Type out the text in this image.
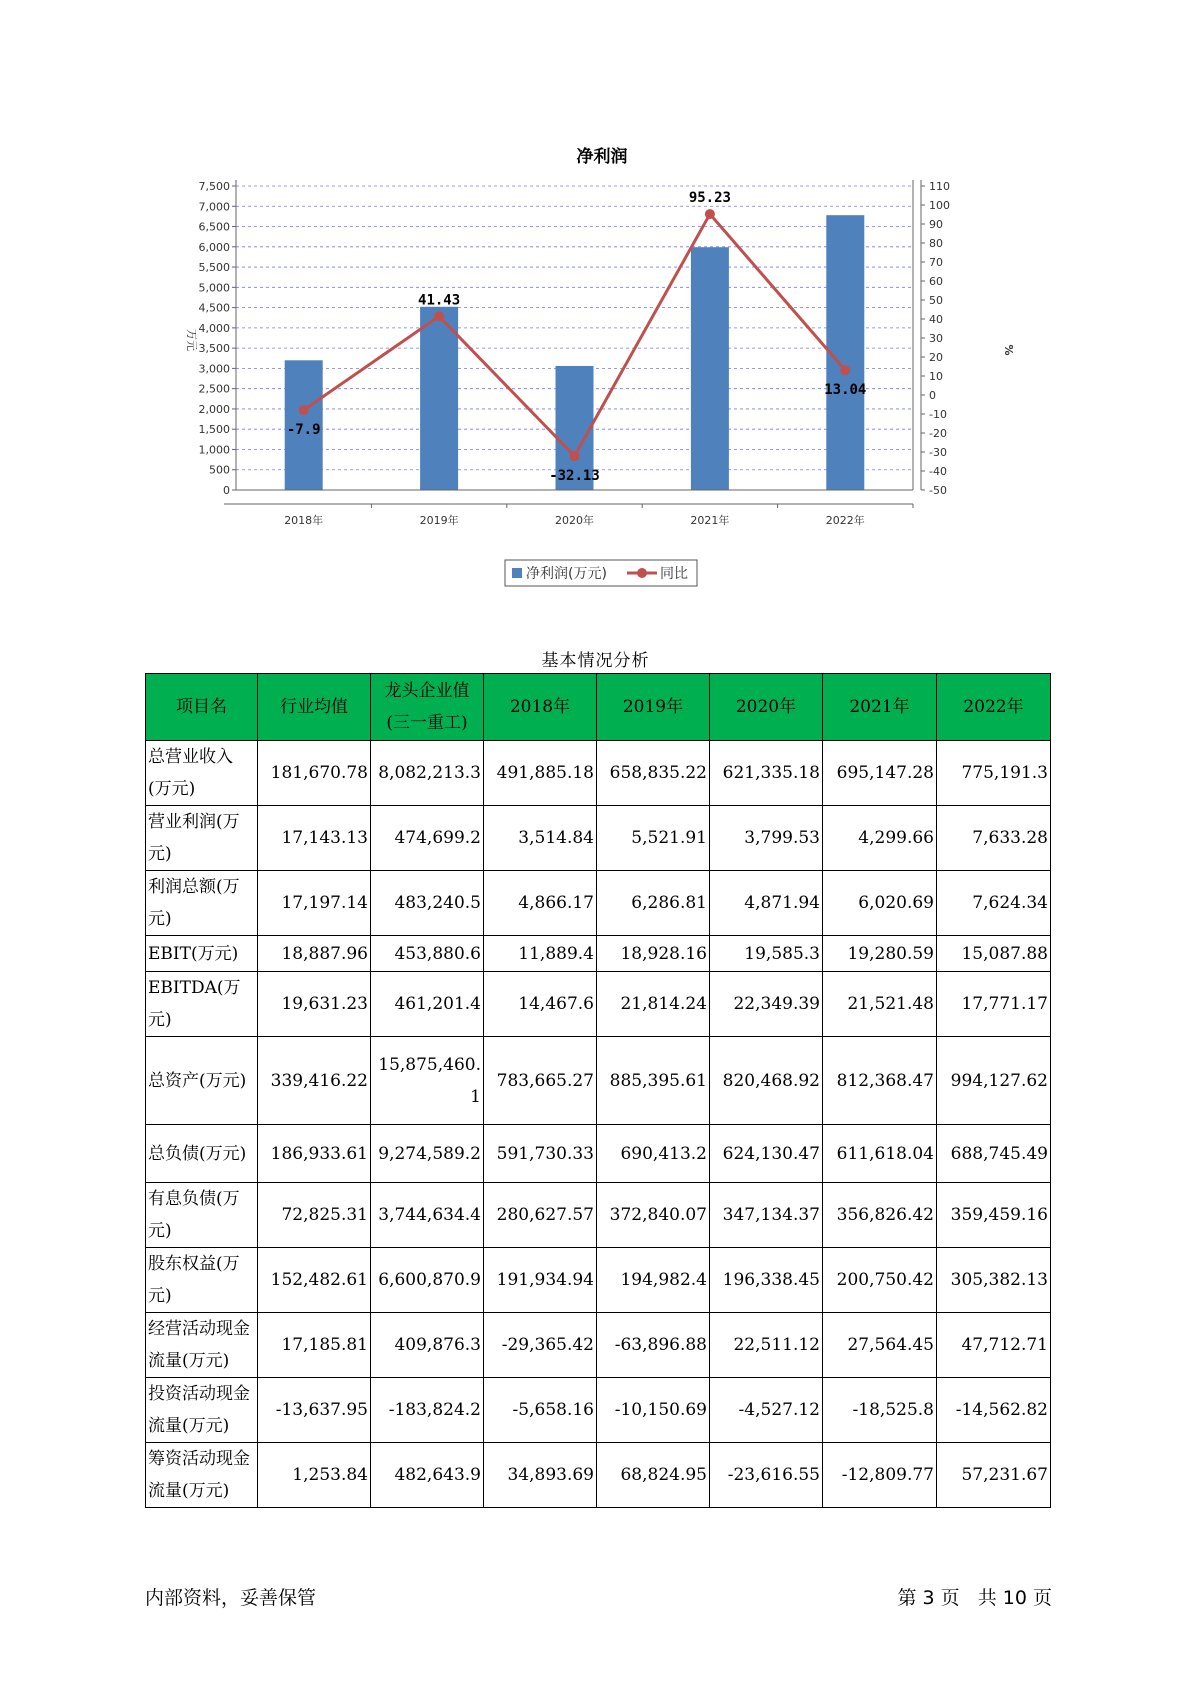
净利润
-7.9
41.43
-32.13
95.23
13.04
0
500
1,000
1,500
2,000
2,500
3,000
3,500
4,000
4,500
5,000
5,500
6,000
6,500
7,000
7,500
-50
-40
-30
-20
-10
0
10
20
30
40
50
60
70
80
90
100
110
万元	%
2018年	2019年	2020年	2021年	2022年
净利润(万元)	同比
基本情况分析
项目名	行业均值	龙头企业值(三一重工)	2018年	2019年	2020年	2021年	2022年
总营业收入(万元)	181,670.78	8,082,213.3	491,885.18	658,835.22	621,335.18	695,147.28	775,191.3
营业利润(万元)	17,143.13	474,699.2	3,514.84	5,521.91	3,799.53	4,299.66	7,633.28
利润总额(万元)	17,197.14	483,240.5	4,866.17	6,286.81	4,871.94	6,020.69	7,624.34
EBIT(万元)	18,887.96	453,880.6	11,889.4	18,928.16	19,585.3	19,280.59	15,087.88
EBITDA(万元)	19,631.23	461,201.4	14,467.6	21,814.24	22,349.39	21,521.48	17,771.17
总资产(万元)	339,416.22	15,875,460.1	783,665.27	885,395.61	820,468.92	812,368.47	994,127.62
总负债(万元)	186,933.61	9,274,589.2	591,730.33	690,413.2	624,130.47	611,618.04	688,745.49
有息负债(万元)	72,825.31	3,744,634.4	280,627.57	372,840.07	347,134.37	356,826.42	359,459.16
股东权益(万元)	152,482.61	6,600,870.9	191,934.94	194,982.4	196,338.45	200,750.42	305,382.13
经营活动现金流量(万元)	17,185.81	409,876.3	-29,365.42	-63,896.88	22,511.12	27,564.45	47,712.71
投资活动现金流量(万元)	-13,637.95	-183,824.2	-5,658.16	-10,150.69	-4,527.12	-18,525.8	-14,562.82
筹资活动现金流量(万元)	1,253.84	482,643.9	34,893.69	68,824.95	-23,616.55	-12,809.77	57,231.67
内部资料，妥善保管	第 3 页   共 10 页
